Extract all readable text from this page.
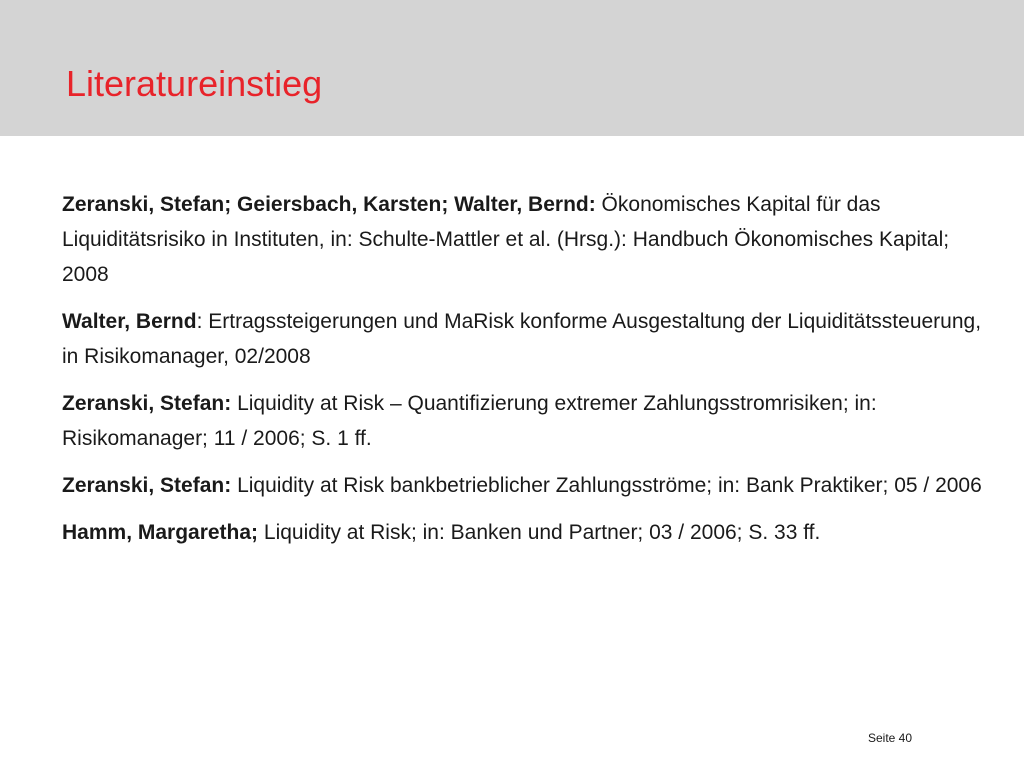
Literatureinstieg
Zeranski, Stefan; Geiersbach, Karsten; Walter, Bernd: Ökonomisches Kapital für das Liquiditätsrisiko in Instituten, in: Schulte-Mattler et al. (Hrsg.): Handbuch Ökonomisches Kapital; 2008
Walter, Bernd: Ertragssteigerungen und MaRisk konforme Ausgestaltung der Liquiditätssteuerung, in Risikomanager, 02/2008
Zeranski, Stefan: Liquidity at Risk – Quantifizierung extremer Zahlungsstromrisiken; in: Risikomanager; 11 / 2006; S. 1 ff.
Zeranski, Stefan: Liquidity at Risk bankbetrieblicher Zahlungsströme; in: Bank Praktiker; 05 / 2006
Hamm, Margaretha; Liquidity at Risk; in: Banken und Partner; 03 / 2006; S. 33 ff.
Seite 40
